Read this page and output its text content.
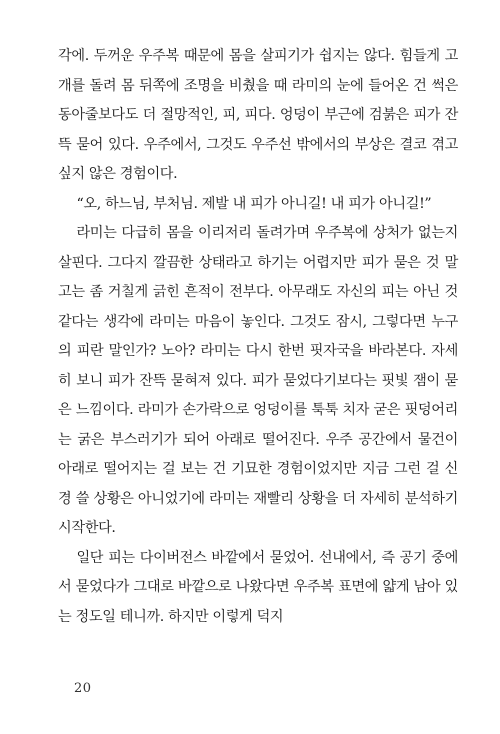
각에. 두꺼운 우주복 때문에 몸을 살피기가 쉽지는 않다. 힘들게 고개를 돌려 몸 뒤쪽에 조명을 비췄을 때 라미의 눈에 들어온 건 썩은 동아줄보다도 더 절망적인, 피, 피다. 엉덩이 부근에 검붉은 피가 잔뜩 묻어 있다. 우주에서, 그것도 우주선 밖에서의 부상은 결코 겪고 싶지 않은 경험이다.

“오, 하느님, 부처님. 제발 내 피가 아니길! 내 피가 아니길!”

라미는 다급히 몸을 이리저리 돌려가며 우주복에 상처가 없는지 살핀다. 그다지 깔끔한 상태라고 하기는 어렵지만 피가 묻은 것 말고는 좀 거칠게 긁힌 흔적이 전부다. 아무래도 자신의 피는 아닌 것 같다는 생각에 라미는 마음이 놓인다. 그것도 잠시, 그렇다면 누구의 피란 말인가? 노아? 라미는 다시 한번 핏자국을 바라본다. 자세히 보니 피가 잔뜩 묻혀져 있다. 피가 묻었다기보다는 핏빛 잼이 묻은 느낌이다. 라미가 손가락으로 엉덩이를 툭툭 치자 굳은 핏덩어리는 굵은 부스러기가 되어 아래로 떨어진다. 우주 공간에서 물건이 아래로 떨어지는 걸 보는 건 기묘한 경험이었지만 지금 그런 걸 신경 쓸 상황은 아니었기에 라미는 재빨리 상황을 더 자세히 분석하기 시작한다.

일단 피는 다이버전스 바깥에서 묻었어. 선내에서, 즉 공기 중에서 묻었다가 그대로 바깥으로 나왔다면 우주복 표면에 얇게 남아 있는 정도일 테니까. 하지만 이렇게 덕지

20
